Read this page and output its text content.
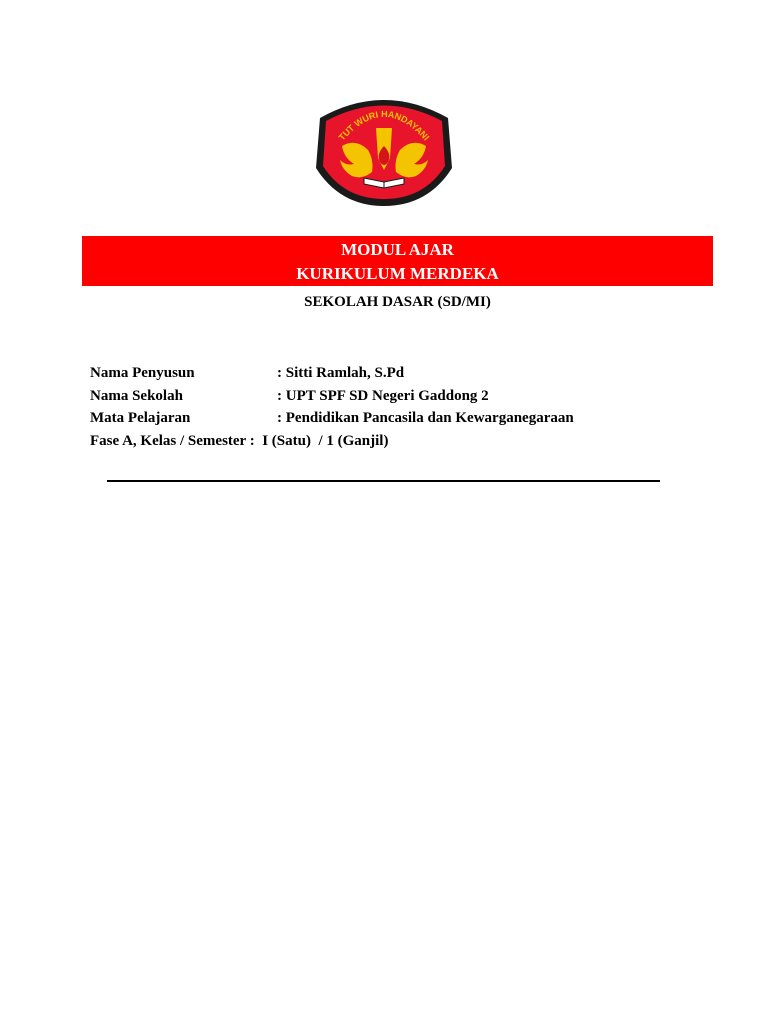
TUT WURI HANDAYANI
MODUL AJAR
KURIKULUM MERDEKA
SEKOLAH DASAR (SD/MI)
Nama Penyusun	: Sitti Ramlah, S.Pd
Nama Sekolah	: UPT SPF SD Negeri Gaddong 2
Mata Pelajaran	: Pendidikan Pancasila dan Kewarganegaraan
Fase A, Kelas / Semester :  I (Satu)  / 1 (Ganjil)
